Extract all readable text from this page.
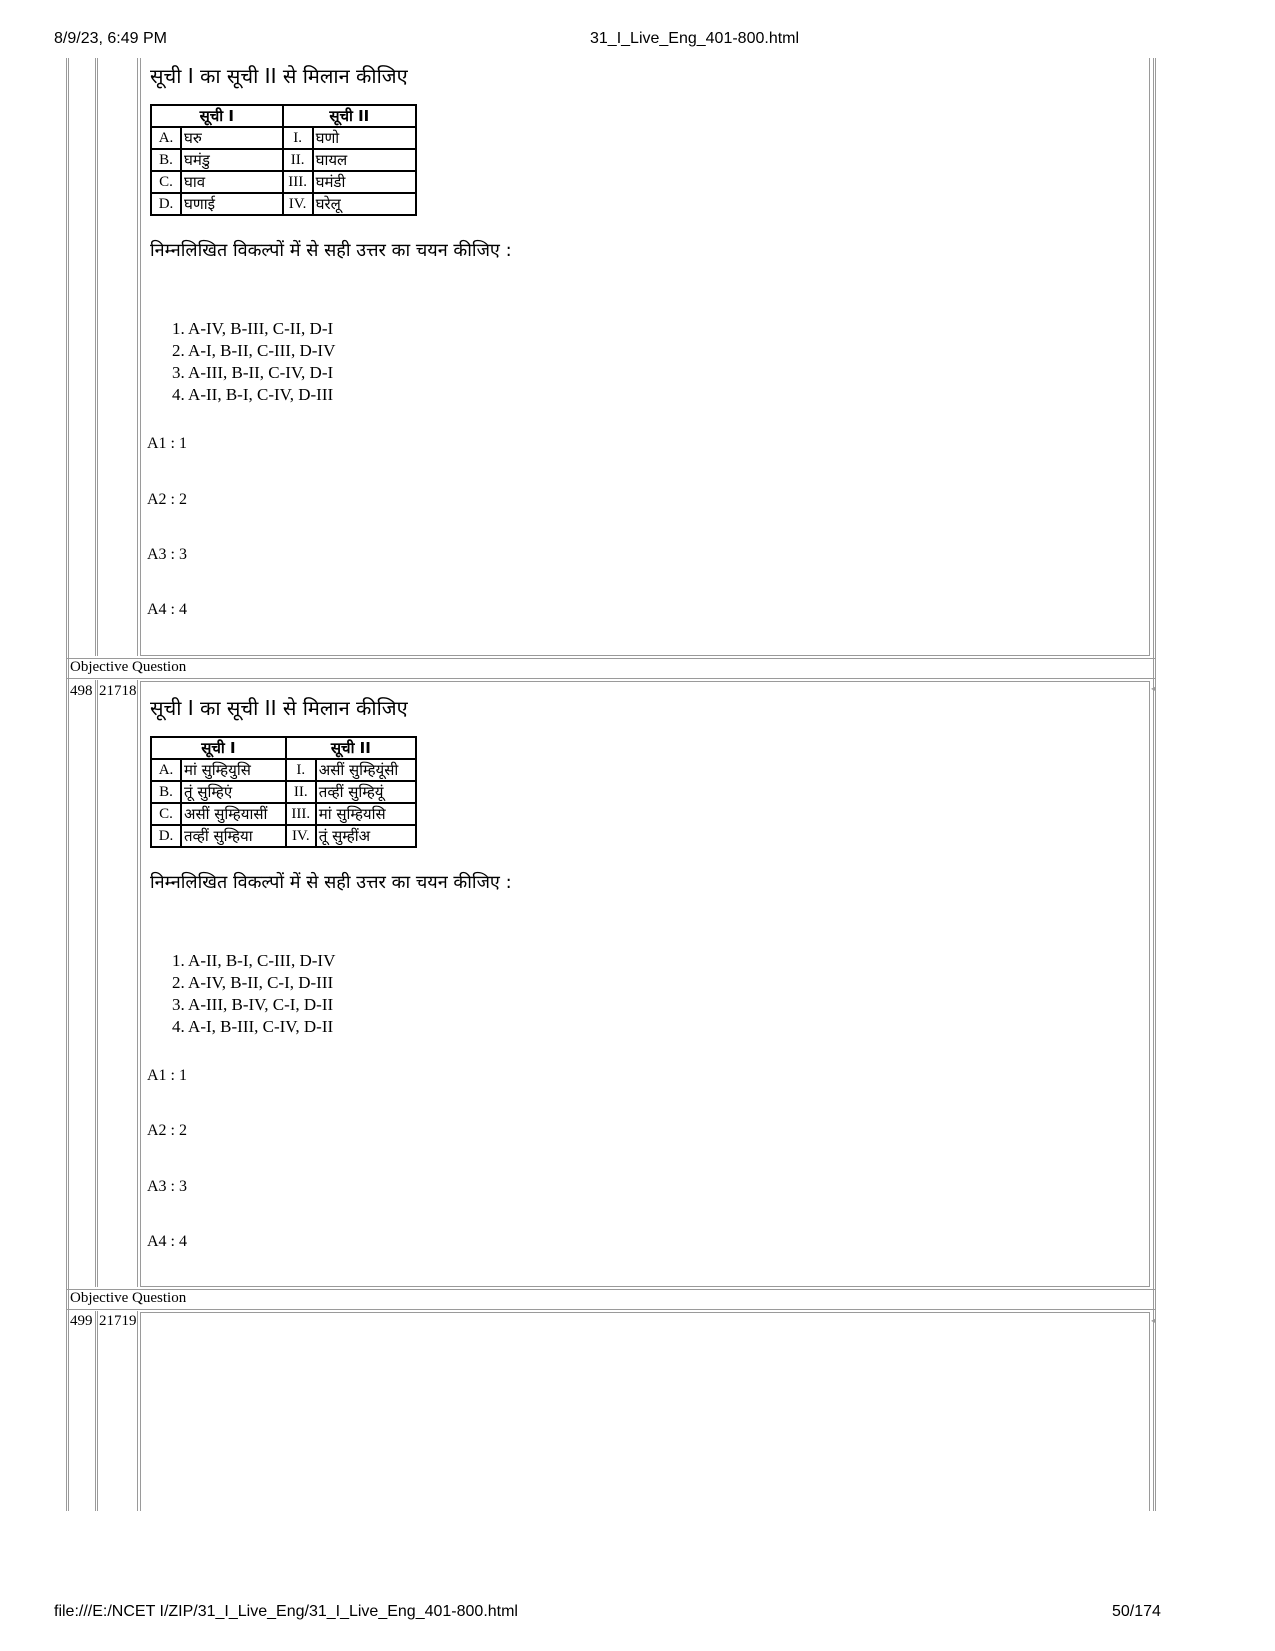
8/9/23, 6:49 PM	31_I_Live_Eng_401-800.html
file:///E:/NCET I/ZIP/31_I_Live_Eng/31_I_Live_Eng_401-800.html	50/174
सूची I का सूची II से मिलान कीजिए
सूची I		सूची II	
A.	घरु	I.	घणो
B.	घमंडु	II.	घायल
C.	घाव	III.	घमंडी
D.	घणाई	IV.	घरेलू
निम्नलिखित विकल्पों में से सही उत्तर का चयन कीजिए :
1. A-IV, B-III, C-II, D-I
2. A-I, B-II, C-III, D-IV
3. A-III, B-II, C-IV, D-I
4. A-II, B-I, C-IV, D-III
A1 : 1
A2 : 2
A3 : 3
A4 : 4
Objective Question
498 21718	◂
सूची I का सूची II से मिलान कीजिए
सूची I		सूची II	
A.	मां सुम्हियुसि	I.	असीं सुम्हियूंसी
B.	तूं सुम्हिएं	II.	तव्हीं सुम्हियूं
C.	असीं सुम्हियासीं	III.	मां सुम्हियसि
D.	तव्हीं सुम्हिया	IV.	तूं सुम्हींअ
निम्नलिखित विकल्पों में से सही उत्तर का चयन कीजिए :
1. A-II, B-I, C-III, D-IV
2. A-IV, B-II, C-I, D-III
3. A-III, B-IV, C-I, D-II
4. A-I, B-III, C-IV, D-II
A1 : 1
A2 : 2
A3 : 3
A4 : 4
Objective Question
499 21719	◂
